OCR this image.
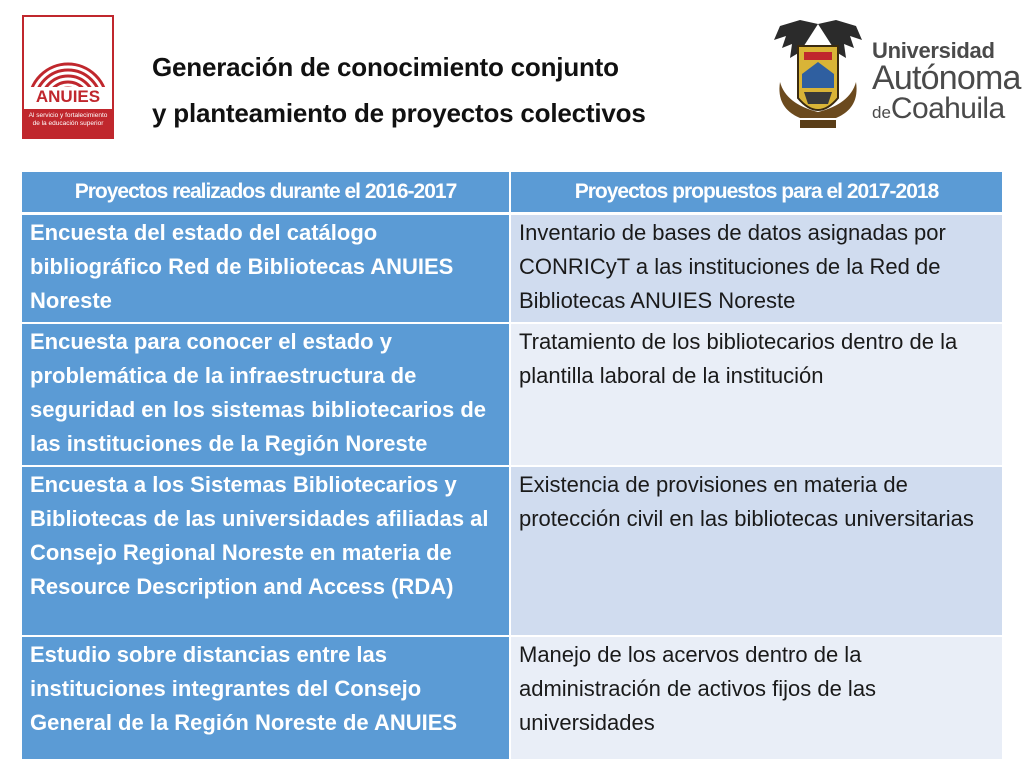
Al servicio y fortalecimiento
de la educación superior
ANUIES
Generación de conocimiento conjunto
y planteamiento de proyectos colectivos
Universidad
Autónoma
deCoahuila
Proyectos realizados durante el 2016-2017	Proyectos propuestos para el 2017-2018
Encuesta del estado del catálogo bibliográfico Red de Bibliotecas ANUIES Noreste	Inventario de bases de datos asignadas por CONRICyT a las instituciones de la Red de Bibliotecas ANUIES Noreste
Encuesta para conocer el estado y problemática de la infraestructura de seguridad en los sistemas bibliotecarios de las instituciones de la Región Noreste	Tratamiento de los bibliotecarios dentro de la plantilla laboral de la institución
Encuesta a los Sistemas Bibliotecarios y Bibliotecas de las universidades afiliadas al Consejo Regional Noreste en materia de Resource Description and Access (RDA)	Existencia de provisiones en materia de protección civil en las bibliotecas universitarias
Estudio sobre distancias entre las instituciones integrantes del Consejo General de la Región Noreste de ANUIES	Manejo de los acervos dentro de la administración de activos fijos de las universidades
